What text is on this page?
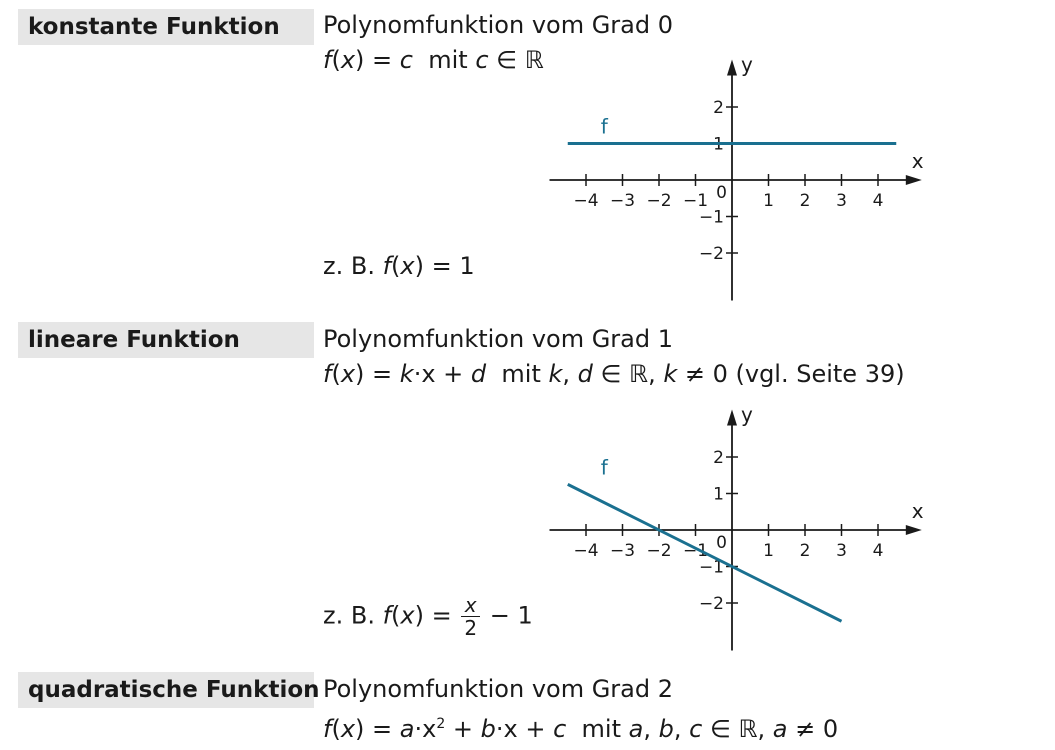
konstante Funktion	Polynomfunktion vom Grad 0
f(x) = c  mit c ∈ ℝ
z. B. f(x) = 1
x
y
−4 −3 −2 −1	1 2 3 4
2
1
−1
−2
0
f
lineare Funktion	Polynomfunktion vom Grad 1
f(x) = k·x + d  mit k, d ∈ ℝ, k ≠ 0 (vgl. Seite 39)
z. B. $f(x) = \frac{x}{2} - 1$
x
y
−4 −3 −2 −1	1 2 3 4
2
1
−1
−2
0
f
quadratische Funktion Polynomfunktion vom Grad 2
$f(x) = a\cdot x^2 + b\cdot x + c$  mit a, b, c ∈ ℝ, a ≠ 0
